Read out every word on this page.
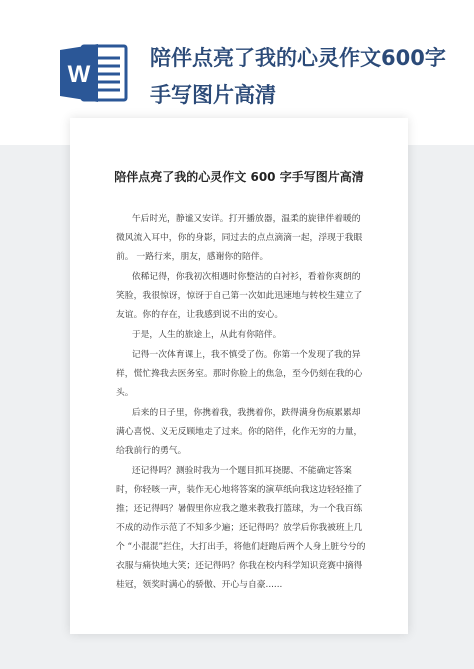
W
陪伴点亮了我的心灵作文600字手写图片高清
陪伴点亮了我的心灵作文 600 字手写图片高清

午后时光，静谧又安详。打开播放器，温柔的旋律伴着暖的微风流入耳中，你的身影，同过去的点点滴滴一起，浮现于我眼前。 一路行来，朋友，感谢你的陪伴。

依稀记得，你我初次相遇时你整洁的白衬衫，看着你爽朗的笑脸，我很惊讶，惊讶于自己第一次如此迅速地与转校生建立了友谊。你的存在，让我感到说不出的安心。

于是，人生的旅途上，从此有你陪伴。

记得一次体育课上，我不慎受了伤。你第一个发现了我的异样，慌忙搀我去医务室。那时你脸上的焦急，至今仍刻在我的心头。

后来的日子里，你携着我，我携着你，跌得满身伤痕累累却满心喜悦、义无反顾地走了过来。你的陪伴，化作无穷的力量，给我前行的勇气。

还记得吗？测验时我为一个题目抓耳挠腮、不能确定答案时，你轻咳一声，装作无心地将答案的演草纸向我这边轻轻推了推；还记得吗？暑假里你应我之邀来教我打篮球，为一个我百练不成的动作示范了不知多少遍；还记得吗？放学后你我被班上几个 “小混混”拦住，大打出手，将他们赶跑后两个人身上脏兮兮的衣服与痛快地大笑；还记得吗？你我在校内科学知识竞赛中摘得桂冠，领奖时满心的骄傲、开心与自豪......
